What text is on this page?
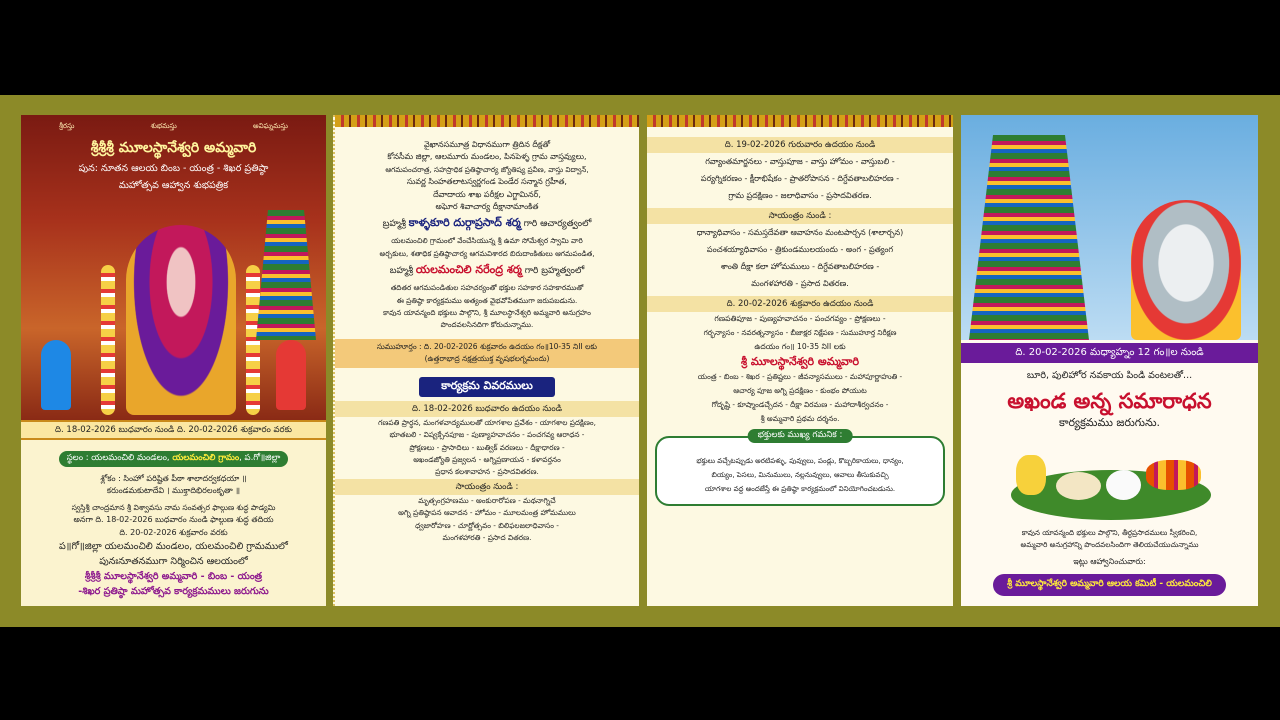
శ్రీరస్తు	శుభమస్తు	అవిఘ్నమస్తు
శ్రీశ్రీశ్రీ మూలస్థానేశ్వరి అమ్మవారి
పున: నూతన ఆలయ బింబ - యంత్ర - శిఖర ప్రతిష్ఠా
మహోత్సవ ఆహ్వాన శుభపత్రిక
ది. 18-02-2026 బుధవారం నుండి ది. 20-02-2026 శుక్రవారం వరకు
స్థలం : యలమంచిలి మండలం, యలమంచిలి గ్రామం, ప.గో॥జిల్లా
శ్లోకం : సింహో పరిష్టిత పీఠా శాలాదర్వకధయా ॥
కరుండమకుటాదేవి । ముక్తాదిభిరలంకృతా ॥
స్వస్తిశ్రీ చాంద్రమాన శ్రీ విశ్వావసు నామ సంవత్సర ఫాల్గుణ శుద్ధ పాడ్యమి
అనగా ది. 18-02-2026 బుధవారం నుండి ఫాల్గుణ శుద్ధ తదియ
ది. 20-02-2026 శుక్రవారం వరకు
ప॥గో॥జిల్లా యలమంచిలి మండలం, యలమంచిలి గ్రామములో
పునఃనూతనముగా నిర్మించిన ఆలయంలో
శ్రీశ్రీశ్రీ మూలస్థానేశ్వరి అమ్మవారి - బింబ - యంత్ర
-శిఖర ప్రతిష్ఠా మహోత్సవ కార్యక్రమములు జరుగును
వైఖానసమూత్ర విధానముగా త్రిదిన దీక్షతో
కోనసీమ జిల్లా, ఆలమూరు మండలం, పినపెళ్ళ గ్రామ వాస్తవ్యులు,
ఆగమపంచరాత్ర, సహస్రాధిక ప్రతిష్ఠాచార్య జ్యోతిష్య ప్రవీణ, వాస్తు విద్వాన్,
సువర్ణ సింహతలాటస్వర్ణగండ పెండేర సన్మాన గ్రహీత,
దేవాదాయ శాఖ పరీక్షల ఎగ్జామినర్,
అఘోర శివాచార్య దీక్షానామాంకిత
బ్రహ్మశ్రీ కాళ్ళకూరి దుర్గాప్రసాద్ శర్మ గారి ఆచార్యత్వంలో
యలమంచిలి గ్రామంలో వేంచేసియున్న శ్రీ ఉమా సోమేశ్వర స్వామి వారి
అర్చకులు, శతాధిక ప్రతిష్ఠాచార్య ఆగమవిశారద బిరుదాంకితులు ఆగమపండిత,
బహ్మశ్రీ యలమంచిలి నరేంద్ర శర్మ గారి బ్రహ్మత్వంలో
తదితర ఆగమపండితుల సహచర్యంతో భక్తుల సహకార సహకారముతో
ఈ ప్రతిష్ఠా కార్యక్రమము అత్యంత వైభవోపేతముగా జరుపబడును.
కావున యావన్మంది భక్తులు పాల్గొని, శ్రీ మూలస్థానేశ్వరి అమ్మవారి అనుగ్రహం
పొందవలసినదిగా కోరుచున్నాము.
సుముహూర్తం : ది. 20-02-2026 శుక్రవారం ఉదయం గం॥10-35 నిII లకు
(ఉత్తరాభాద్ర నక్షత్రయుక్త వృషభలగ్నమందు)
కార్యక్రమ వివరములు
ది. 18-02-2026 బుధవారం ఉదయం నుండి
గణపతి ప్రార్థన, మంగళవాద్యములతో యాగశాల ప్రవేశం - యాగశాల ప్రదక్షిణం,
భూతబలి - విష్వక్సేనపూజ - పుణ్యాహవాచనం - పంచగవ్య ఆరాధన -
ప్రోక్షణలు - ప్రాసాదిలు - బుత్విక్ వరణలు - దీక్షాధారణ -
అఖండజ్యోతి ప్రజ్వలన - అగ్నిప్రణాయన - కళావర్తనం
ప్రధాన కలశావాహన - ప్రసాదవితరణ.
సాయంత్రం నుండి :
మృత్సంగ్రహణము - అంకురారోపణ - మథనాగ్నిచే
అగ్ని ప్రతిష్ఠాపన ఆవాదన - హోమం - మూలమంత్ర హోమములు
ధ్వజారోహణ - చూర్ణోత్సవం - బిలిఫలజలాధివాసం -
మంగళహారతి - ప్రసాద వితరణ.
ది. 19-02-2026 గురువారం ఉదయం నుండి
గవ్యాంతమార్జనలు - వాస్తుపూజ - వాస్తు హోమం - వాస్తుబలి -
పర్యగ్నికరణం - క్షీరాభిషేకం - ప్రాతరోపాసన - దిగ్దేవతాబలిహరణ -
గ్రామ ప్రదక్షిణం - జలాధివాసం - ప్రసాదవితరణ.
సాయంత్రం నుండి :
ధాన్యాధివాసం - సమస్తదేవతా ఆవాహనం మంటపార్చన (శాలార్చన)
పంచశయ్యాధివాసం - త్రికుండములయందు - అంగ - ప్రత్యంగ
శాంతి దీక్షా కలా హోమములు - దిగ్దేవతాబలిహరణ -
మంగళహారతి - ప్రసాద వితరణ.
ది. 20-02-2026 శుక్రవారం ఉదయం నుండి
గణపతిపూజ - పుణ్యహవాచనం - పంచగవ్యం - ప్రోక్షణలు -
గర్భన్యాసం - నవరత్నన్యాసం - బీజాక్షర నిక్షేపణ - సుముహూర్త నిరీక్షణ
ఉదయం గం॥ 10-35 నిII లకు
శ్రీ మూలస్థానేశ్వరి అమ్మవారి
యంత్ర - బింబ - శిఖర - ప్రతిష్టలు - జీవన్యాసములు - మహాపూర్ణాహుతి -
ఆచార్య పూజ అగ్ని ప్రదక్షిణం - కుంభం పోయుట
గోదృష్టి - కూష్మాండచ్చేదన - దీక్షా విరమణ - మహాదాశీర్వచనం -
శ్రీ అమ్మవారి ప్రథమ దర్శనం.
భక్తులకు ముఖ్య గమనిక :
భక్తులు వచ్చేటప్పుడు అరటిపళ్ళు, పువ్వులు, పండ్లు, కొబ్బరికాయలు, ధాన్యం,
బియ్యం, పెసలు, మినుములు, నల్లనువ్వులు, ఆవాలు తీసుకువచ్చి
యాగశాల వద్ద అందజేస్తే ఈ ప్రతిష్ఠా కార్యక్రమంలో వినియోగించబడును.
ది. 20-02-2026 మధ్యాహ్నం 12 గం॥ల నుండి
బూరి, పులిహోర నవకాయ పిండి వంటలతో...
అఖండ అన్న సమారాధన
కార్యక్రమము జరుగును.
కావున యావన్మంది భక్తులు పాల్గొని, తీర్థప్రసాదములు స్వీకరించి,
అమ్మవారి అనుగ్రహాన్ని పొందవలసిందిగా తెలియచేయుచున్నాము
ఇట్లు ఆహ్వానించువారు:
శ్రీ మూలస్థానేశ్వరి అమ్మవారి ఆలయ కమిటీ - యలమంచిలి
